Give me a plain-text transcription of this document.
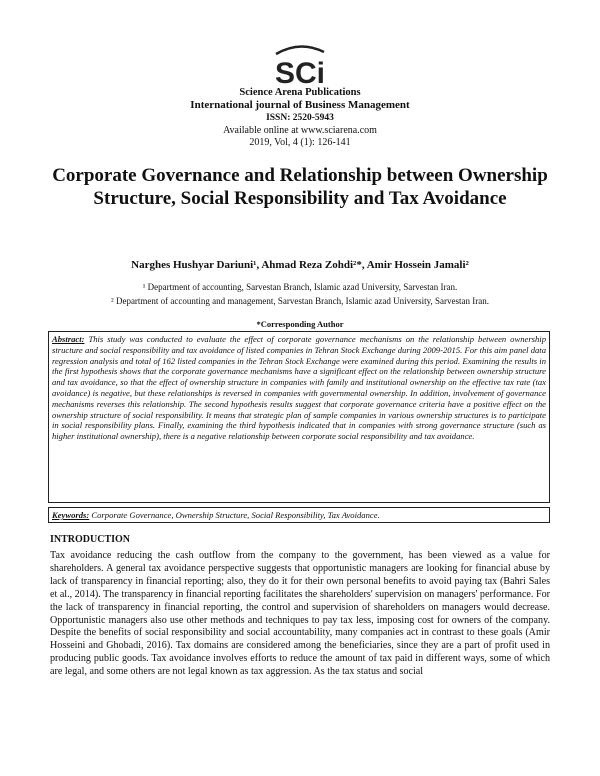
SCi
Science Arena Publications
International journal of Business Management
ISSN: 2520-5943
Available online at www.sciarena.com
2019, Vol, 4 (1): 126-141
Corporate Governance and Relationship between Ownership Structure, Social Responsibility and Tax Avoidance
Narghes Hushyar Dariuni¹, Ahmad Reza Zohdi²*, Amir Hossein Jamali²
¹ Department of accounting, Sarvestan Branch, Islamic azad University, Sarvestan Iran.
² Department of accounting and management, Sarvestan Branch, Islamic azad University, Sarvestan Iran.
*Corresponding Author

Abstract: This study was conducted to evaluate the effect of corporate governance mechanisms on the relationship between ownership structure and social responsibility and tax avoidance of listed companies in Tehran Stock Exchange during 2009-2015. For this aim panel data regression analysis and total of 162 listed companies in the Tehran Stock Exchange were examined during this period. Examining the results in the first hypothesis shows that the corporate governance mechanisms have a significant effect on the relationship between ownership structure and tax avoidance, so that the effect of ownership structure in companies with family and institutional ownership on the effective tax rate (tax avoidance) is negative, but these relationships is reversed in companies with governmental ownership. In addition, involvement of governance mechanisms reverses this relationship. The second hypothesis results suggest that corporate governance criteria have a positive effect on the ownership structure of social responsibility. It means that strategic plan of sample companies in various ownership structures is to participate in social responsibility plans. Finally, examining the third hypothesis indicated that in companies with strong governance structure (such as higher institutional ownership), there is a negative relationship between corporate social responsibility and tax avoidance.

Keywords: Corporate Governance, Ownership Structure, Social Responsibility, Tax Avoidance.
INTRODUCTION

Tax avoidance reducing the cash outflow from the company to the government, has been viewed as a value for shareholders. A general tax avoidance perspective suggests that opportunistic managers are looking for financial abuse by lack of transparency in financial reporting; also, they do it for their own personal benefits to avoid paying tax (Bahri Sales et al., 2014). The transparency in financial reporting facilitates the shareholders' supervision on managers' performance. For the lack of transparency in financial reporting, the control and supervision of shareholders on managers would decrease. Opportunistic managers also use other methods and techniques to pay tax less, imposing cost for owners of the company. Despite the benefits of social responsibility and social accountability, many companies act in contrast to these goals (Amir Hosseini and Ghobadi, 2016). Tax domains are considered among the beneficiaries, since they are a part of profit used in producing public goods. Tax avoidance involves efforts to reduce the amount of tax paid in different ways, some of which are legal, and some others are not legal known as tax aggression. As the tax status and social
